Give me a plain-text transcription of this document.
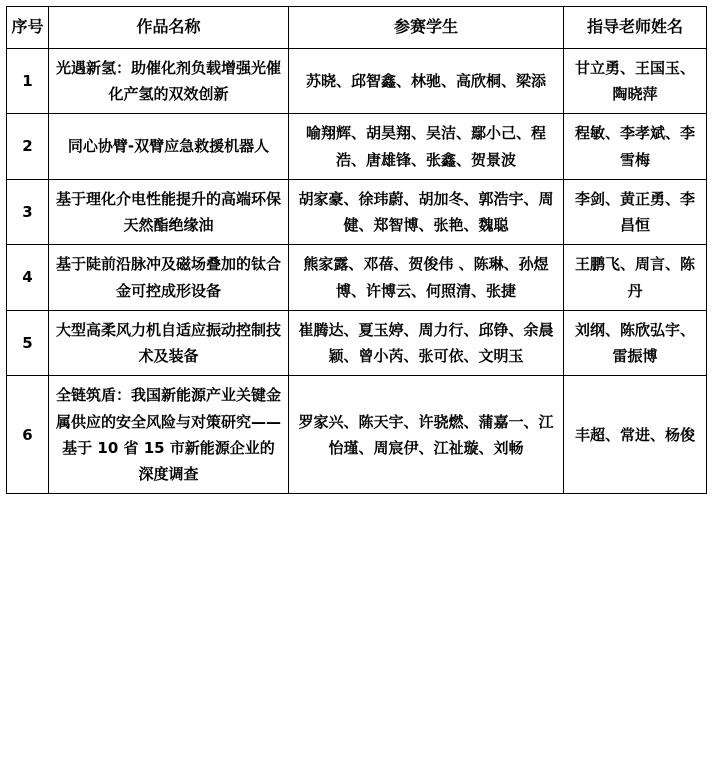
序号	作品名称	参赛学生	指导老师姓名

1	光遇新氢：助催化剂负载增强光催化产氢的双效创新	苏晓、邱智鑫、林驰、高欣桐、梁添	甘立勇、王国玉、陶晓萍
2	同心协臂-双臂应急救援机器人	喻翔辉、胡昊翔、吴洁、鄢小己、程浩、唐雄锋、张鑫、贺景波	程敏、李孝斌、李雪梅
3	基于理化介电性能提升的高端环保天然酯绝缘油	胡家豪、徐玮蔚、胡加冬、郭浩宇、周健、郑智博、张艳、魏聪	李剑、黄正勇、李昌恒
4	基于陡前沿脉冲及磁场叠加的钛合金可控成形设备	熊家露、邓蓓、贺俊伟 、陈琳、孙煜博、许博云、何照清、张捷	王鹏飞、周言、陈丹
5	大型高柔风力机自适应振动控制技术及装备	崔腾达、夏玉婷、周力行、邱铮、余晨颖、曾小芮、张可依、文明玉	刘纲、陈欣弘宇、雷振博
6	全链筑盾：我国新能源产业关键金属供应的安全风险与对策研究——基于 10 省 15 市新能源企业的深度调查	罗家兴、陈天宇、许骁燃、蒲嘉一、江怡瑾、周宸伊、江祉璇、刘畅	丰超、常进、杨俊
